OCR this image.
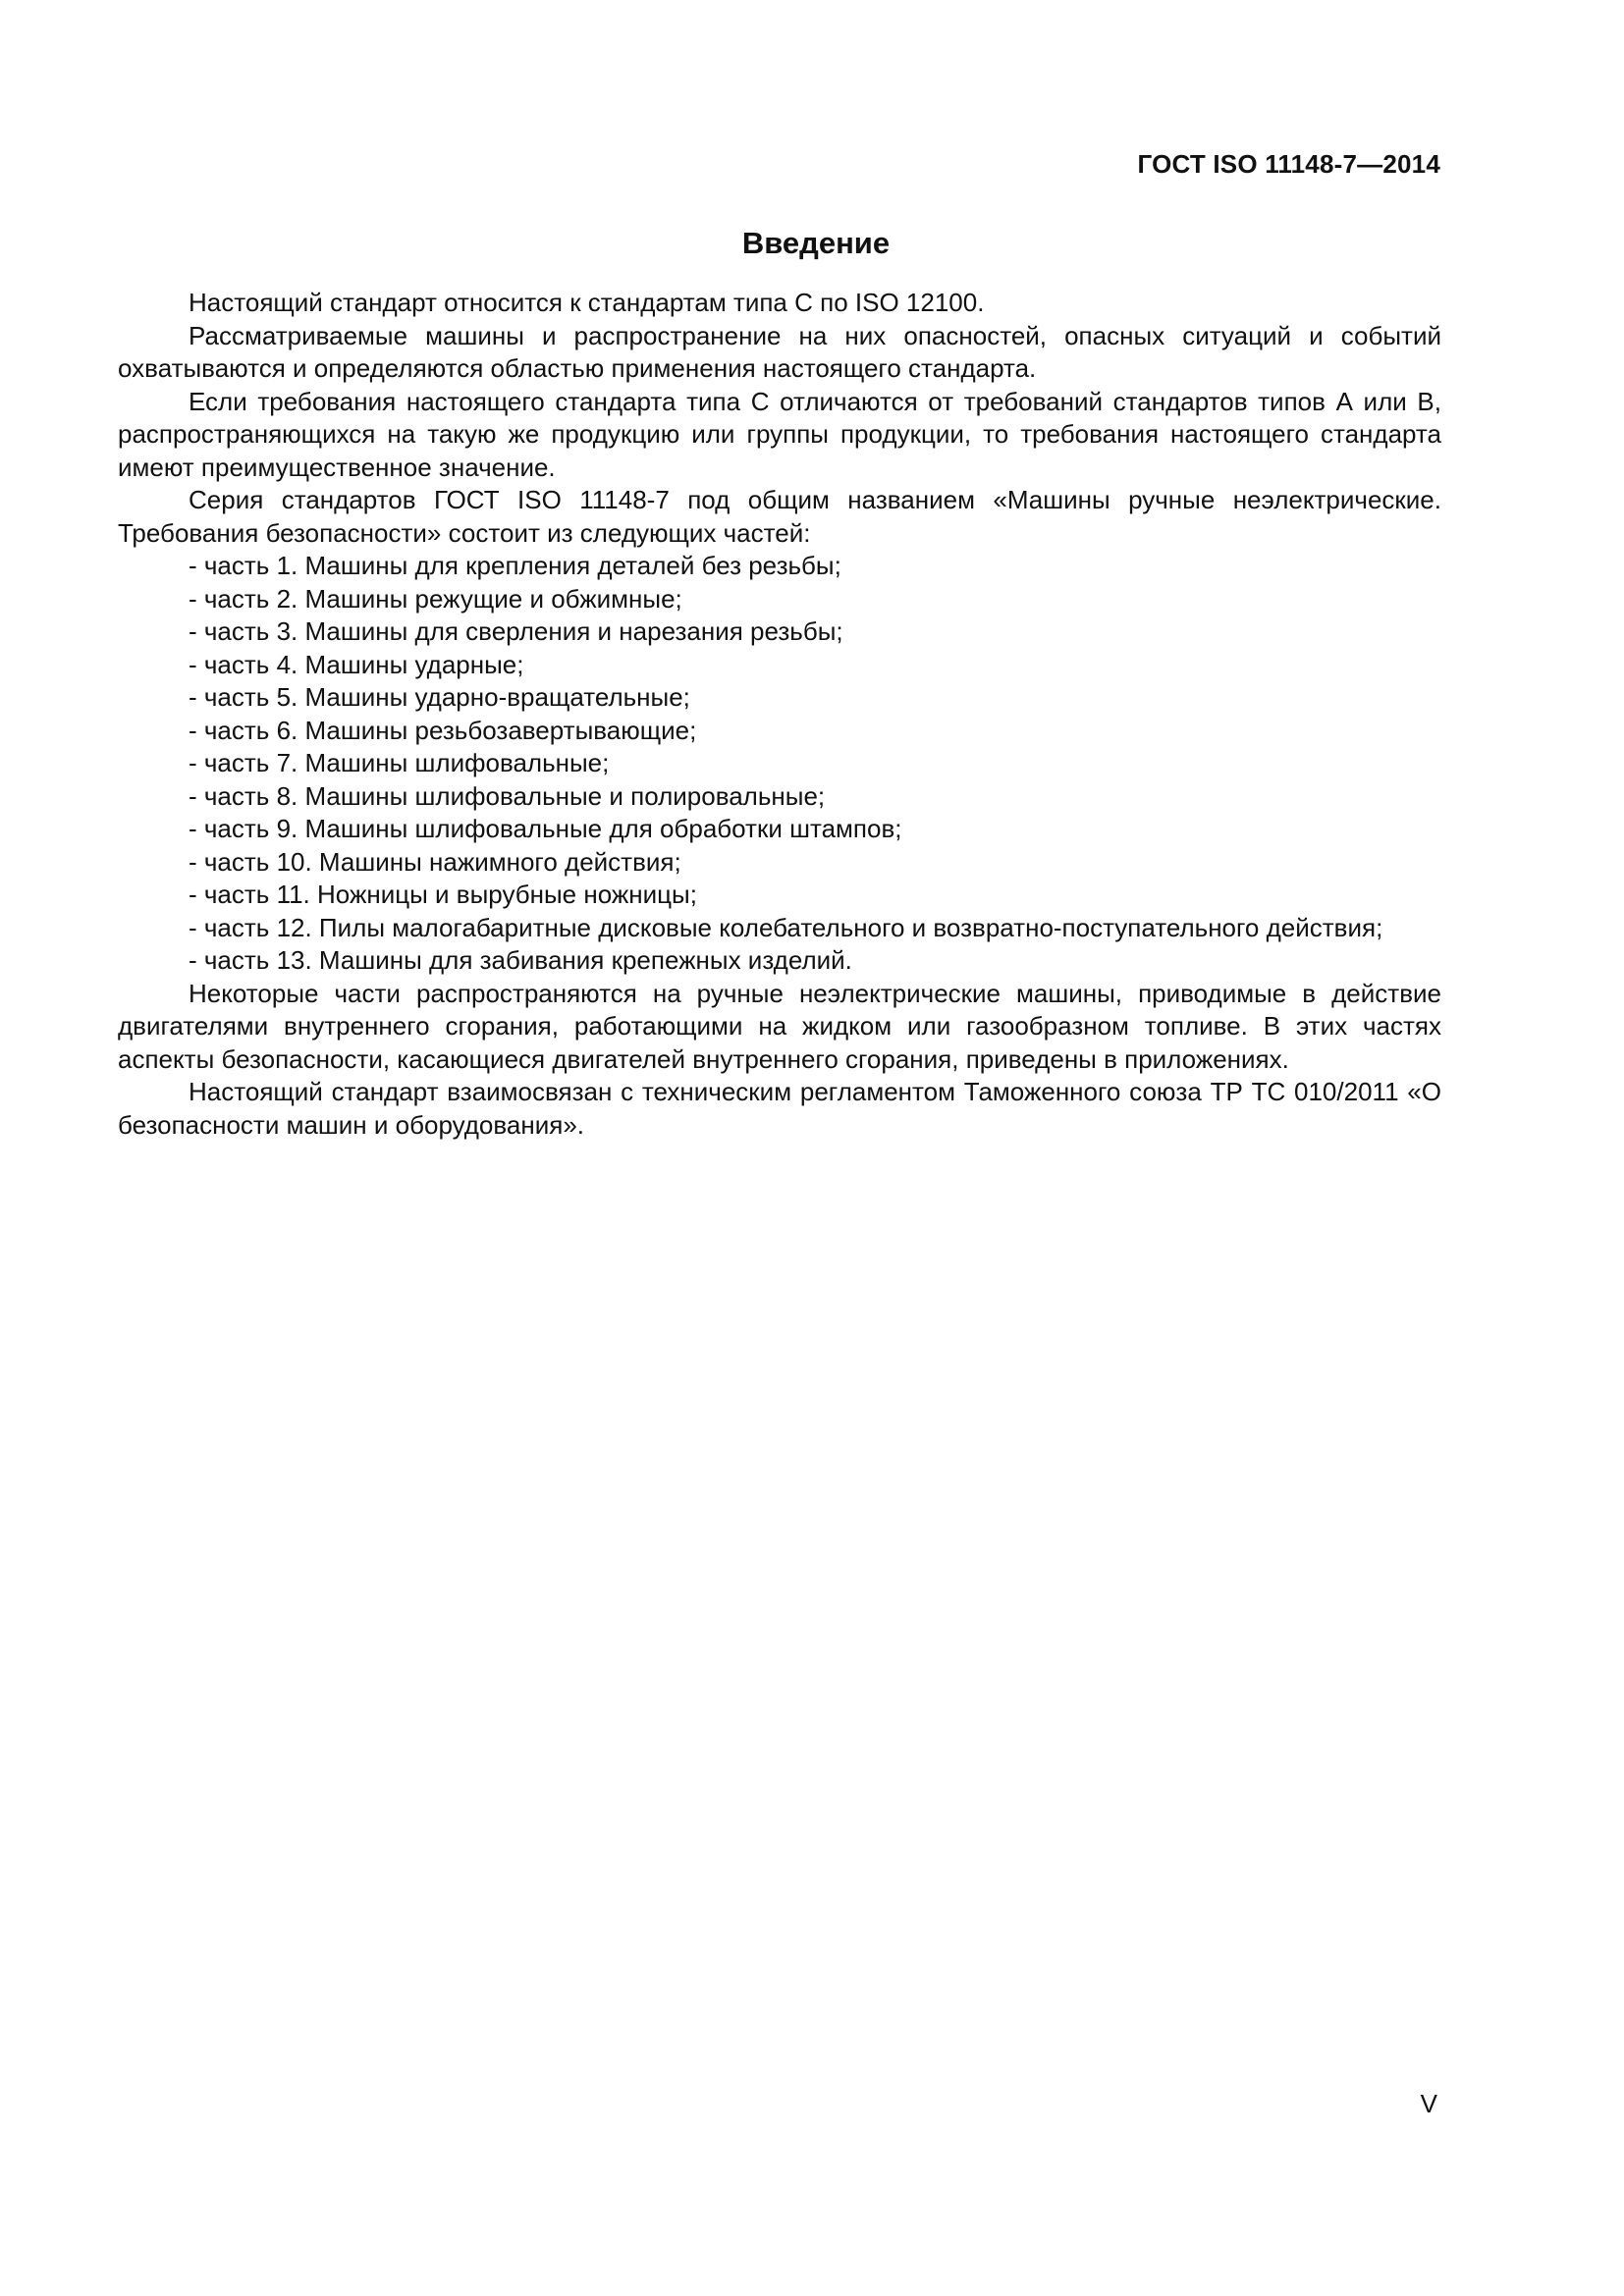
ГОСТ ISO 11148-7—2014
Введение

Настоящий стандарт относится к стандартам типа С по ISO 12100.

Рассматриваемые машины и распространение на них опасностей, опасных ситуаций и событий охватываются и определяются областью применения настоящего стандарта.

Если требования настоящего стандарта типа С отличаются от требований стандартов типов А или В, распространяющихся на такую же продукцию или группы продукции, то требования настоящего стандарта имеют преимущественное значение.

Серия стандартов ГОСТ ISO 11148-7 под общим названием «Машины ручные неэлектрические. Требования безопасности» состоит из следующих частей:

- часть 1. Машины для крепления деталей без резьбы;
- часть 2. Машины режущие и обжимные;
- часть 3. Машины для сверления и нарезания резьбы;
- часть 4. Машины ударные;
- часть 5. Машины ударно-вращательные;
- часть 6. Машины резьбозавертывающие;
- часть 7. Машины шлифовальные;
- часть 8. Машины шлифовальные и полировальные;
- часть 9. Машины шлифовальные для обработки штампов;
- часть 10. Машины нажимного действия;
- часть 11. Ножницы и вырубные ножницы;
- часть 12. Пилы малогабаритные дисковые колебательного и возвратно-поступательного действия;
- часть 13. Машины для забивания крепежных изделий.

Некоторые части распространяются на ручные неэлектрические машины, приводимые в действие двигателями внутреннего сгорания, работающими на жидком или газообразном топливе. В этих частях аспекты безопасности, касающиеся двигателей внутреннего сгорания, приведены в приложениях.

Настоящий стандарт взаимосвязан с техническим регламентом Таможенного союза ТР ТС 010/2011 «О безопасности машин и оборудования».

V
